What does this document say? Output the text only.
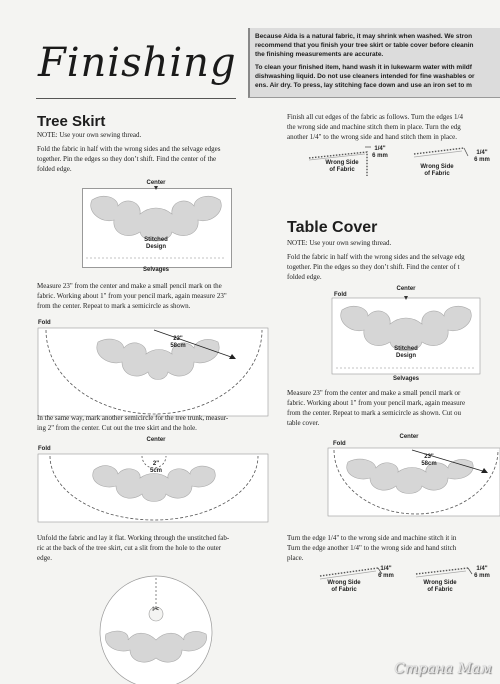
Finishing

Because Aida is a natural fabric, it may shrink when washed. We stron
recommend that you finish your tree skirt or table cover before cleanin
the finishing measurements are accurate.

To clean your finished item, hand wash it in lukewarm water with mildf
dishwashing liquid. Do not use cleaners intended for fine washables or
ens. Air dry. To press, lay stitching face down and use an iron set to m

Tree Skirt
NOTE: Use your own sewing thread.
Fold the fabric in half with the wrong sides and the selvage edges
together. Pin the edges so they don’t shift. Find the center of the
folded edge.
Center
Stitched
Design
Selvages
Measure 23" from the center and make a small pencil mark on the
fabric. Working about 1" from your pencil mark, again measure 23"
from the center. Repeat to mark a semicircle as shown.
Fold
23"
58cm
In the same way, mark another semicircle for the tree trunk, measur-
ing 2" from the center. Cut out the tree skirt and the hole.
Center
Fold
2"
5cm
Unfold the fabric and lay it flat. Working through the unstitched fab-
ric at the back of the tree skirt, cut a slit from the hole to the outer
edge.
✂
Finish all cut edges of the fabric as follows. Turn the edges 1/4
the wrong side and machine stitch them in place. Turn the edg
another 1/4" to the wrong side and hand stitch them in place.
1/4"
6 mm
Wrong Side
of Fabric
1/4"
6 mm
Wrong Side
of Fabric
Table Cover
NOTE: Use your own sewing thread.
Fold the fabric in half with the wrong sides and the selvage edg
together. Pin the edges so they don’t shift. Find the center of t
folded edge.
Center
Fold
Stitched
Design
Selvages
Measure 23" from the center and make a small pencil mark or
fabric. Working about 1" from your pencil mark, again measure
from the center. Repeat to mark a semicircle as shown. Cut ou
table cover.
Center
Fold
23"
58cm
Turn the edge 1/4" to the wrong side and machine stitch it in
Turn the edge another 1/4" to the wrong side and hand stitch
place.
1/4"
6 mm
Wrong Side
of Fabric
1/4"
6 mm
Wrong Side
of Fabric
Страна Мам
